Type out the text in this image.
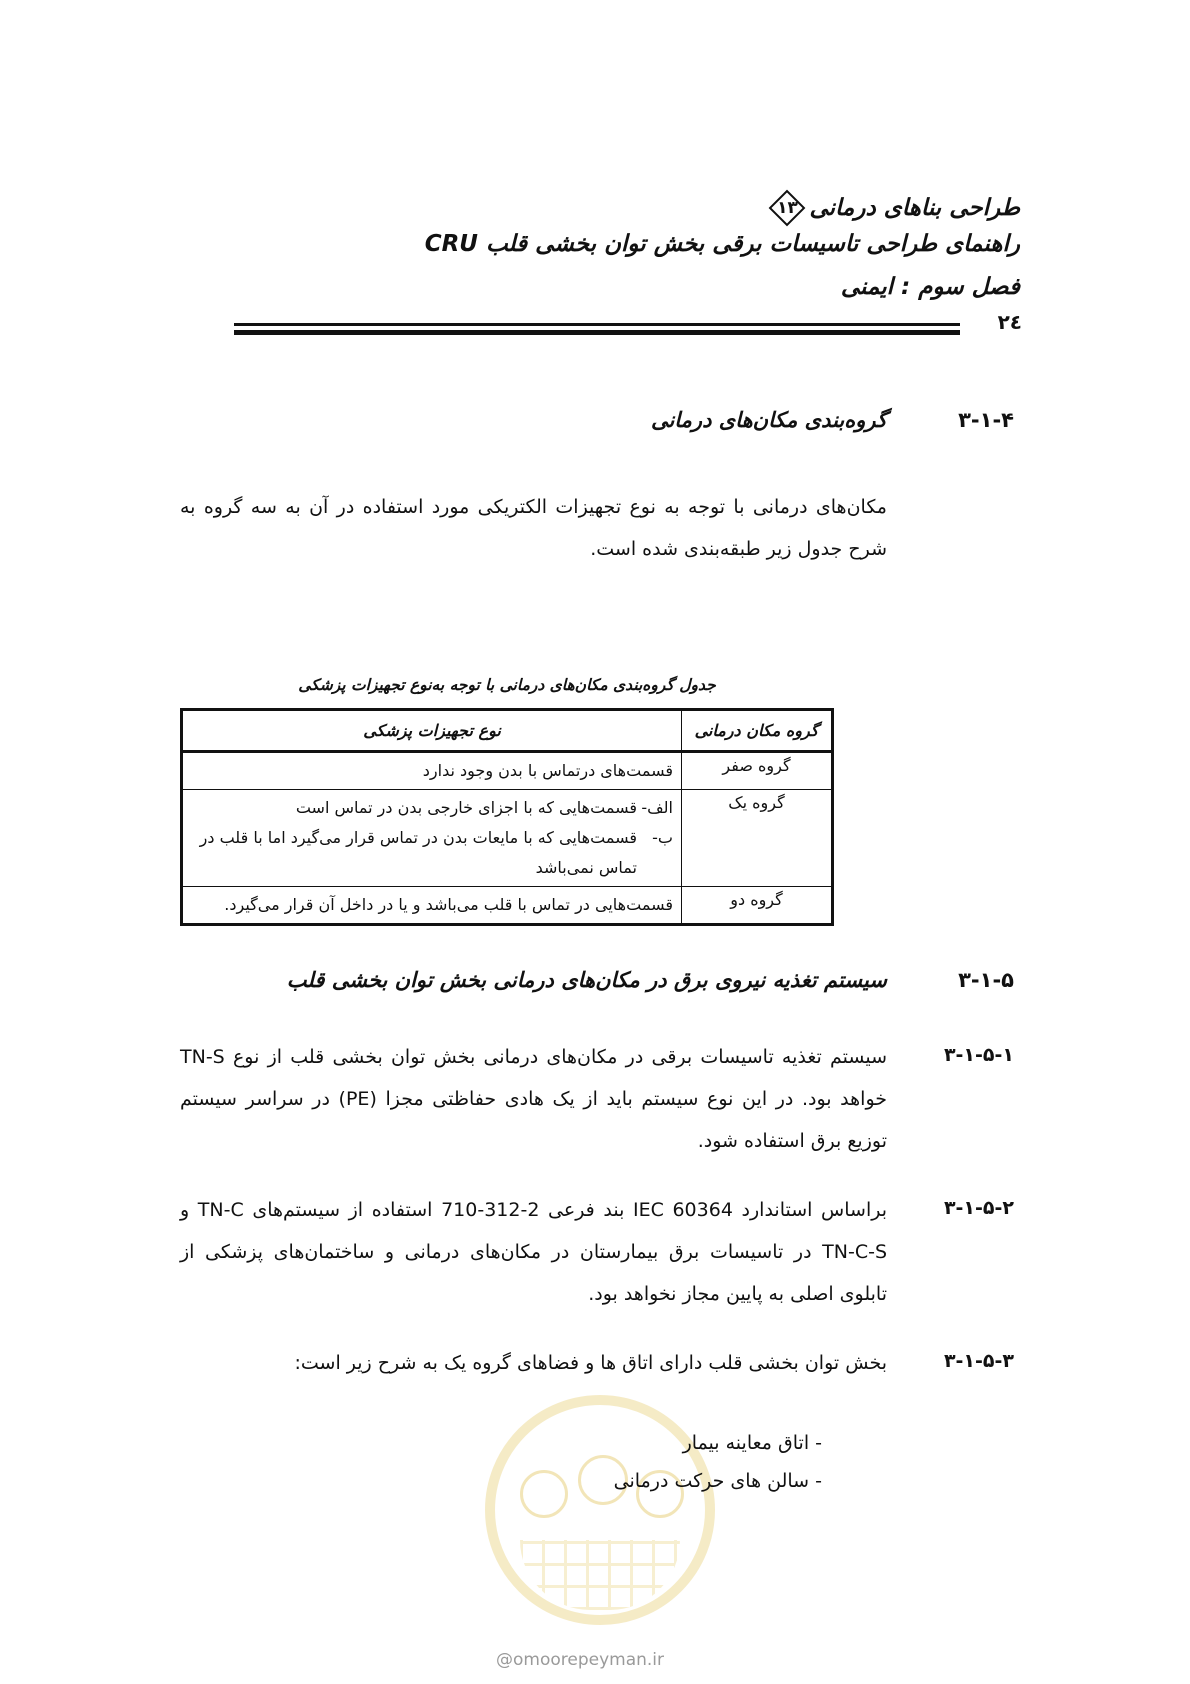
طراحی بناهای درمانی
۱۳
راهنمای طراحی تاسیسات برقی بخش توان بخشی قلب CRU
فصل سوم : ایمنی
۲٤
۳-۱-۴
گروه‌بندی مکان‌های درمانی
مکان‌های درمانی با توجه به نوع تجهیزات الکتریکی مورد استفاده در آن به سه گروه به شرح جدول زیر طبقه‌بندی شده است.
جدول گروه‌بندی مکان‌های درمانی با توجه به‌نوع تجهیزات پزشکی
گروه مکان درمانی	نوع تجهیزات پزشکی
گروه صفر	قسمت‌های درتماس با بدن وجود ندارد

گروه یک	الف-
قسمت‌هایی که با اجزای خارجی بدن در تماس است
ب-
قسمت‌هایی که با مایعات بدن در تماس قرار می‌گیرد اما با قلب در تماس نمی‌باشد

گروه دو	قسمت‌هایی در تماس با قلب می‌باشد و یا در داخل آن قرار می‌گیرد.
۳-۱-۵
سیستم تغذیه نیروی برق در مکان‌های درمانی بخش توان بخشی قلب
۳-۱-۵-۱
سیستم تغذیه تاسیسات برقی در مکان‌های درمانی بخش توان بخشی قلب از نوع TN-S خواهد بود. در این نوع سیستم باید از یک هادی حفاظتی مجزا (PE) در سراسر سیستم توزیع برق استفاده شود.
۳-۱-۵-۲
براساس استاندارد IEC 60364 بند فرعی 2-312-710 استفاده از سیستم‌های TN-C و TN-C-S در تاسیسات برق بیمارستان در مکان‌های درمانی و ساختمان‌های پزشکی از تابلوی اصلی به پایین مجاز نخواهد بود.
۳-۱-۵-۳
بخش توان بخشی قلب دارای اتاق ها و فضاهای گروه یک به شرح زیر است:
- اتاق معاینه بیمار
- سالن های حرکت درمانی
@omoorepeyman.ir
